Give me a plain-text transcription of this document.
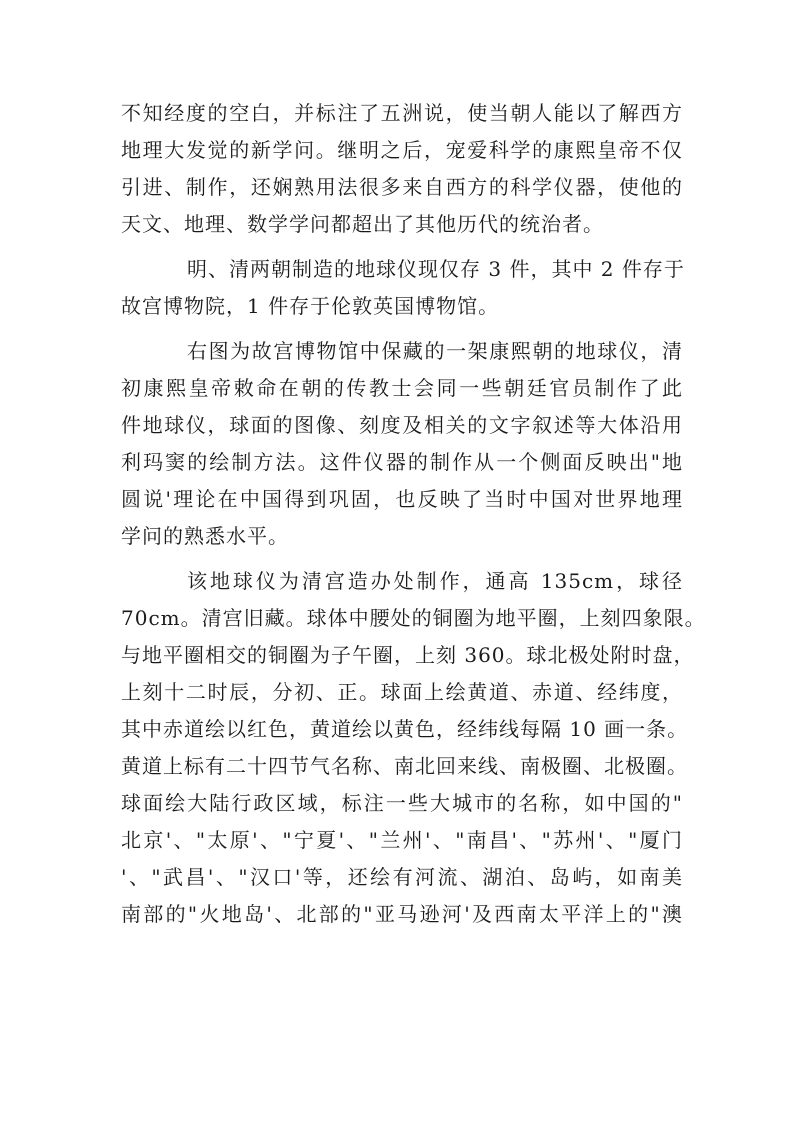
不知经度的空白，并标注了五洲说，使当朝人能以了解西方
地理大发觉的新学问。继明之后，宠爱科学的康熙皇帝不仅
引进、制作，还娴熟用法很多来自西方的科学仪器，使他的
天文、地理、数学学问都超出了其他历代的统治者。
明、清两朝制造的地球仪现仅存 3 件，其中 2 件存于
故宫博物院，1 件存于伦敦英国博物馆。
右图为故宫博物馆中保藏的一架康熙朝的地球仪，清
初康熙皇帝敕命在朝的传教士会同一些朝廷官员制作了此
件地球仪，球面的图像、刻度及相关的文字叙述等大体沿用
利玛窦的绘制方法。这件仪器的制作从一个侧面反映出"地
圆说'理论在中国得到巩固，也反映了当时中国对世界地理
学问的熟悉水平。
该地球仪为清宫造办处制作，通高 135cm，球径
70cm。清宫旧藏。球体中腰处的铜圈为地平圈，上刻四象限。
与地平圈相交的铜圈为子午圈，上刻 360。球北极处附时盘，
上刻十二时辰，分初、正。球面上绘黄道、赤道、经纬度，
其中赤道绘以红色，黄道绘以黄色，经纬线每隔 10 画一条。
黄道上标有二十四节气名称、南北回来线、南极圈、北极圈。
球面绘大陆行政区域，标注一些大城市的名称，如中国的"
北京'、"太原'、"宁夏'、"兰州'、"南昌'、"苏州'、"厦门
'、"武昌'、"汉口'等，还绘有河流、湖泊、岛屿，如南美
南部的"火地岛'、北部的"亚马逊河'及西南太平洋上的"澳
